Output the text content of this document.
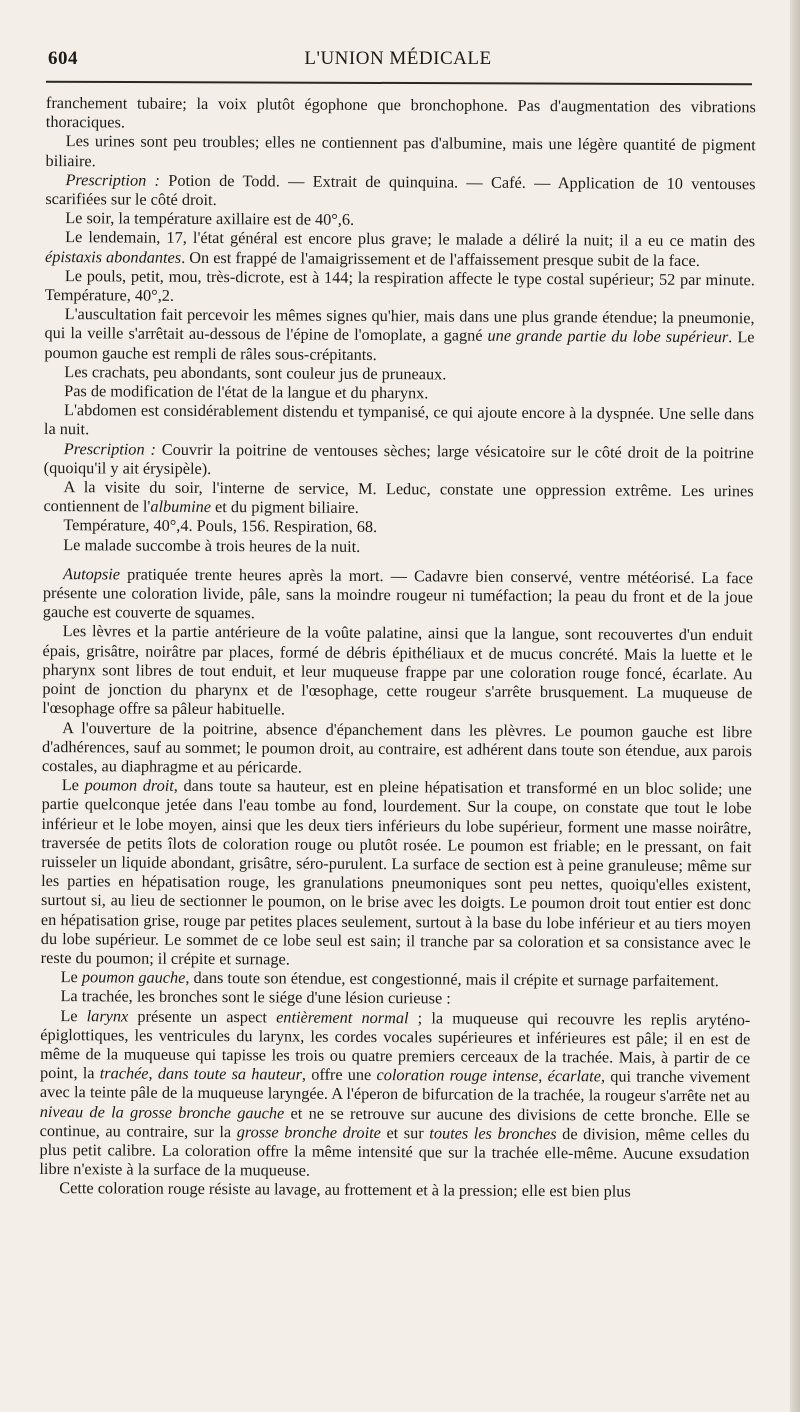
604	L'UNION MÉDICALE

franchement tubaire; la voix plutôt égophone que bronchophone. Pas d'augmentation des vibrations thoraciques.

Les urines sont peu troubles; elles ne contiennent pas d'albumine, mais une légère quantité de pigment biliaire.

Prescription : Potion de Todd. — Extrait de quinquina. — Café. — Application de 10 ventouses scarifiées sur le côté droit.

Le soir, la température axillaire est de 40°,6.

Le lendemain, 17, l'état général est encore plus grave; le malade a déliré la nuit; il a eu ce matin des épistaxis abondantes. On est frappé de l'amaigrissement et de l'affaissement presque subit de la face.

Le pouls, petit, mou, très-dicrote, est à 144; la respiration affecte le type costal supérieur; 52 par minute. Température, 40°,2.

L'auscultation fait percevoir les mêmes signes qu'hier, mais dans une plus grande étendue; la pneumonie, qui la veille s'arrêtait au-dessous de l'épine de l'omoplate, a gagné une grande partie du lobe supérieur. Le poumon gauche est rempli de râles sous-crépitants.

Les crachats, peu abondants, sont couleur jus de pruneaux.

Pas de modification de l'état de la langue et du pharynx.

L'abdomen est considérablement distendu et tympanisé, ce qui ajoute encore à la dyspnée. Une selle dans la nuit.

Prescription : Couvrir la poitrine de ventouses sèches; large vésicatoire sur le côté droit de la poitrine (quoiqu'il y ait érysipèle).

A la visite du soir, l'interne de service, M. Leduc, constate une oppression extrême. Les urines contiennent de l'albumine et du pigment biliaire.

Température, 40°,4. Pouls, 156. Respiration, 68.

Le malade succombe à trois heures de la nuit.

Autopsie pratiquée trente heures après la mort. — Cadavre bien conservé, ventre météorisé. La face présente une coloration livide, pâle, sans la moindre rougeur ni tuméfaction; la peau du front et de la joue gauche est couverte de squames.

Les lèvres et la partie antérieure de la voûte palatine, ainsi que la langue, sont recouvertes d'un enduit épais, grisâtre, noirâtre par places, formé de débris épithéliaux et de mucus concrété. Mais la luette et le pharynx sont libres de tout enduit, et leur muqueuse frappe par une coloration rouge foncé, écarlate. Au point de jonction du pharynx et de l'œsophage, cette rougeur s'arrête brusquement. La muqueuse de l'œsophage offre sa pâleur habituelle.

A l'ouverture de la poitrine, absence d'épanchement dans les plèvres. Le poumon gauche est libre d'adhérences, sauf au sommet; le poumon droit, au contraire, est adhérent dans toute son étendue, aux parois costales, au diaphragme et au péricarde.

Le poumon droit, dans toute sa hauteur, est en pleine hépatisation et transformé en un bloc solide; une partie quelconque jetée dans l'eau tombe au fond, lourdement. Sur la coupe, on constate que tout le lobe inférieur et le lobe moyen, ainsi que les deux tiers inférieurs du lobe supérieur, forment une masse noirâtre, traversée de petits îlots de coloration rouge ou plutôt rosée. Le poumon est friable; en le pressant, on fait ruisseler un liquide abondant, grisâtre, séro-purulent. La surface de section est à peine granuleuse; même sur les parties en hépatisation rouge, les granulations pneumoniques sont peu nettes, quoiqu'elles existent, surtout si, au lieu de sectionner le poumon, on le brise avec les doigts. Le poumon droit tout entier est donc en hépatisation grise, rouge par petites places seulement, surtout à la base du lobe inférieur et au tiers moyen du lobe supérieur. Le sommet de ce lobe seul est sain; il tranche par sa coloration et sa consistance avec le reste du poumon; il crépite et surnage.

Le poumon gauche, dans toute son étendue, est congestionné, mais il crépite et surnage parfaitement.

La trachée, les bronches sont le siége d'une lésion curieuse :

Le larynx présente un aspect entièrement normal ; la muqueuse qui recouvre les replis aryténo-épiglottiques, les ventricules du larynx, les cordes vocales supérieures et inférieures est pâle; il en est de même de la muqueuse qui tapisse les trois ou quatre premiers cerceaux de la trachée. Mais, à partir de ce point, la trachée, dans toute sa hauteur, offre une coloration rouge intense, écarlate, qui tranche vivement avec la teinte pâle de la muqueuse laryngée. A l'éperon de bifurcation de la trachée, la rougeur s'arrête net au niveau de la grosse bronche gauche et ne se retrouve sur aucune des divisions de cette bronche. Elle se continue, au contraire, sur la grosse bronche droite et sur toutes les bronches de division, même celles du plus petit calibre. La coloration offre la même intensité que sur la trachée elle-même. Aucune exsudation libre n'existe à la surface de la muqueuse.

Cette coloration rouge résiste au lavage, au frottement et à la pression; elle est bien plus
